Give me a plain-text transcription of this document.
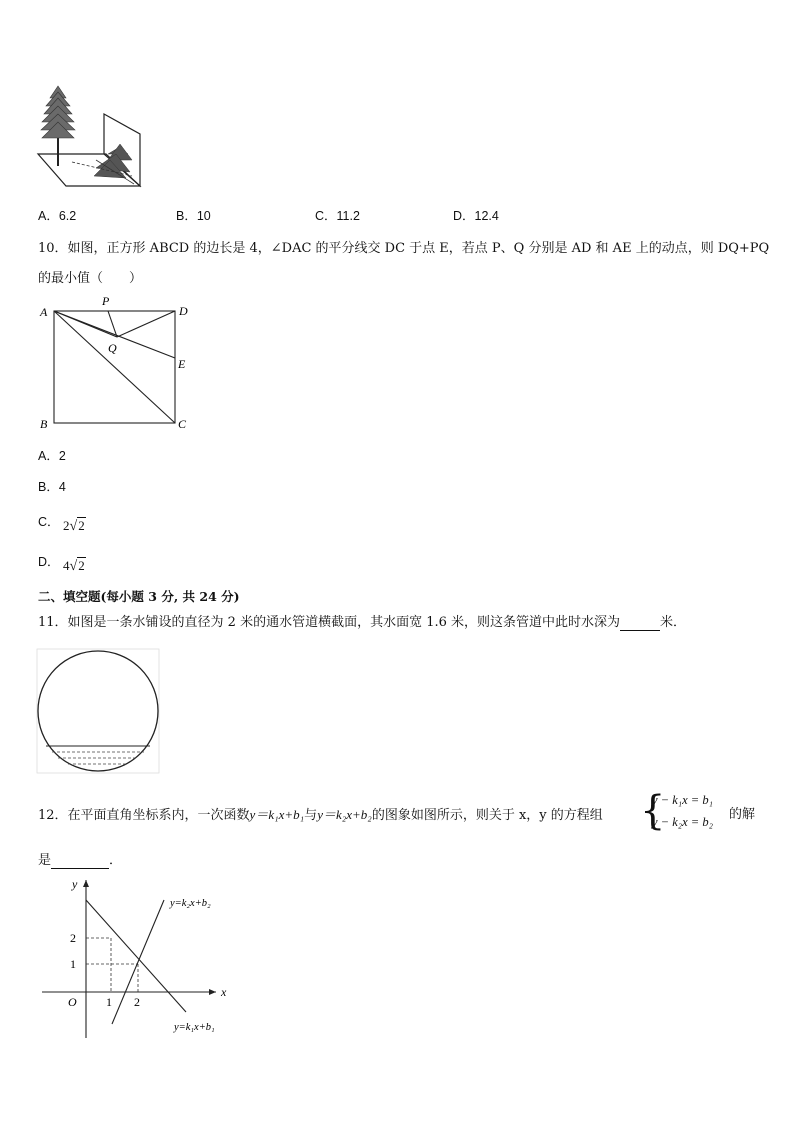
A．6.2	B．10	C．11.2	D．12.4
10．如图，正方形 ABCD 的边长是 4，∠DAC 的平分线交 DC 于点 E，若点 P、Q 分别是 AD 和 AE 上的动点，则 DQ+PQ
的最小值（　　）
A	D
P
Q
E
B	C
A．2
B．4
C． 2√2
D． 4√2
二、填空题(每小题 3 分, 共 24 分)
11．如图是一条水铺设的直径为 2 米的通水管道横截面，其水面宽 1.6 米，则这条管道中此时水深为	米．
12．在平面直角坐标系内，一次函数y＝k₁x+b₁与y＝k₂x+b₂的图象如图所示，则关于 x，y 的方程组 {
y − k₁x = b₁
y − k₂x = b₂ 的解
是	．
x
y
O 1 2
1
2
y=k₂x+b₂
y=k₁x+b₁
